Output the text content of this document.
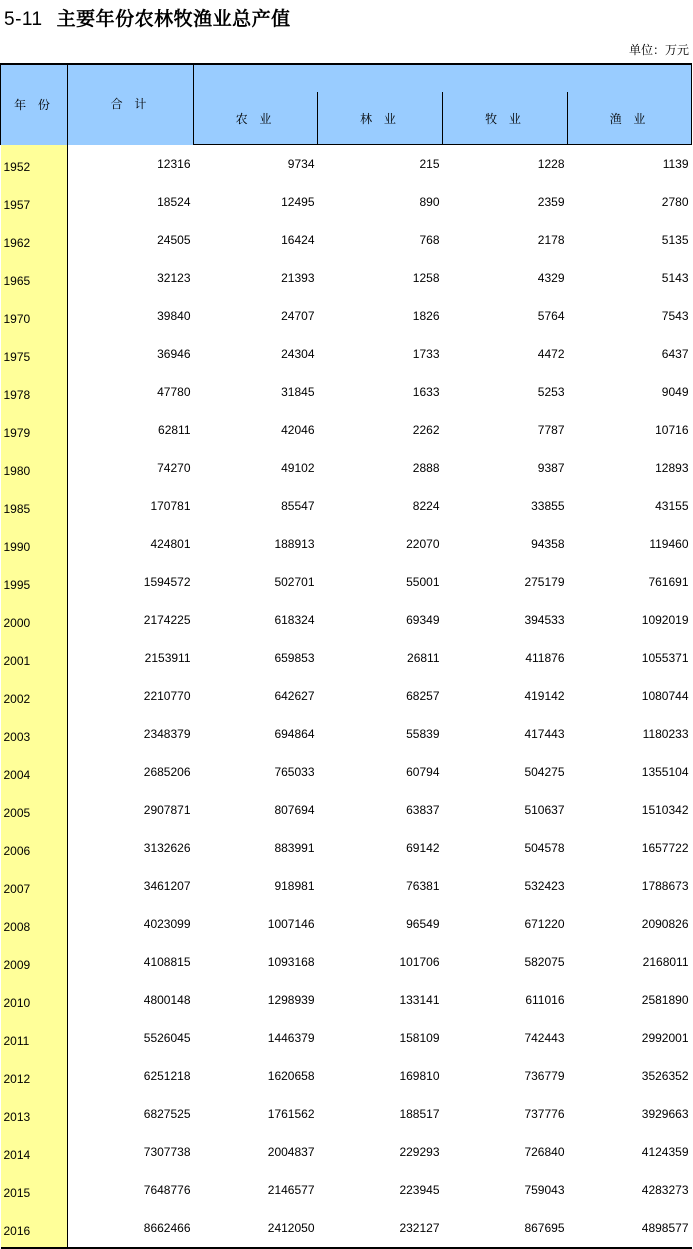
5-11 主要年份农林牧渔业总产值
单位：万元
年 份	合 计				
		农 业	林 业	牧 业	渔 业
1952	12316	9734	215	1228	1139
1957	18524	12495	890	2359	2780
1962	24505	16424	768	2178	5135
1965	32123	21393	1258	4329	5143
1970	39840	24707	1826	5764	7543
1975	36946	24304	1733	4472	6437
1978	47780	31845	1633	5253	9049
1979	62811	42046	2262	7787	10716
1980	74270	49102	2888	9387	12893
1985	170781	85547	8224	33855	43155
1990	424801	188913	22070	94358	119460
1995	1594572	502701	55001	275179	761691
2000	2174225	618324	69349	394533	1092019
2001	2153911	659853	26811	411876	1055371
2002	2210770	642627	68257	419142	1080744
2003	2348379	694864	55839	417443	1180233
2004	2685206	765033	60794	504275	1355104
2005	2907871	807694	63837	510637	1510342
2006	3132626	883991	69142	504578	1657722
2007	3461207	918981	76381	532423	1788673
2008	4023099	1007146	96549	671220	2090826
2009	4108815	1093168	101706	582075	2168011
2010	4800148	1298939	133141	611016	2581890
2011	5526045	1446379	158109	742443	2992001
2012	6251218	1620658	169810	736779	3526352
2013	6827525	1761562	188517	737776	3929663
2014	7307738	2004837	229293	726840	4124359
2015	7648776	2146577	223945	759043	4283273
2016	8662466	2412050	232127	867695	4898577
